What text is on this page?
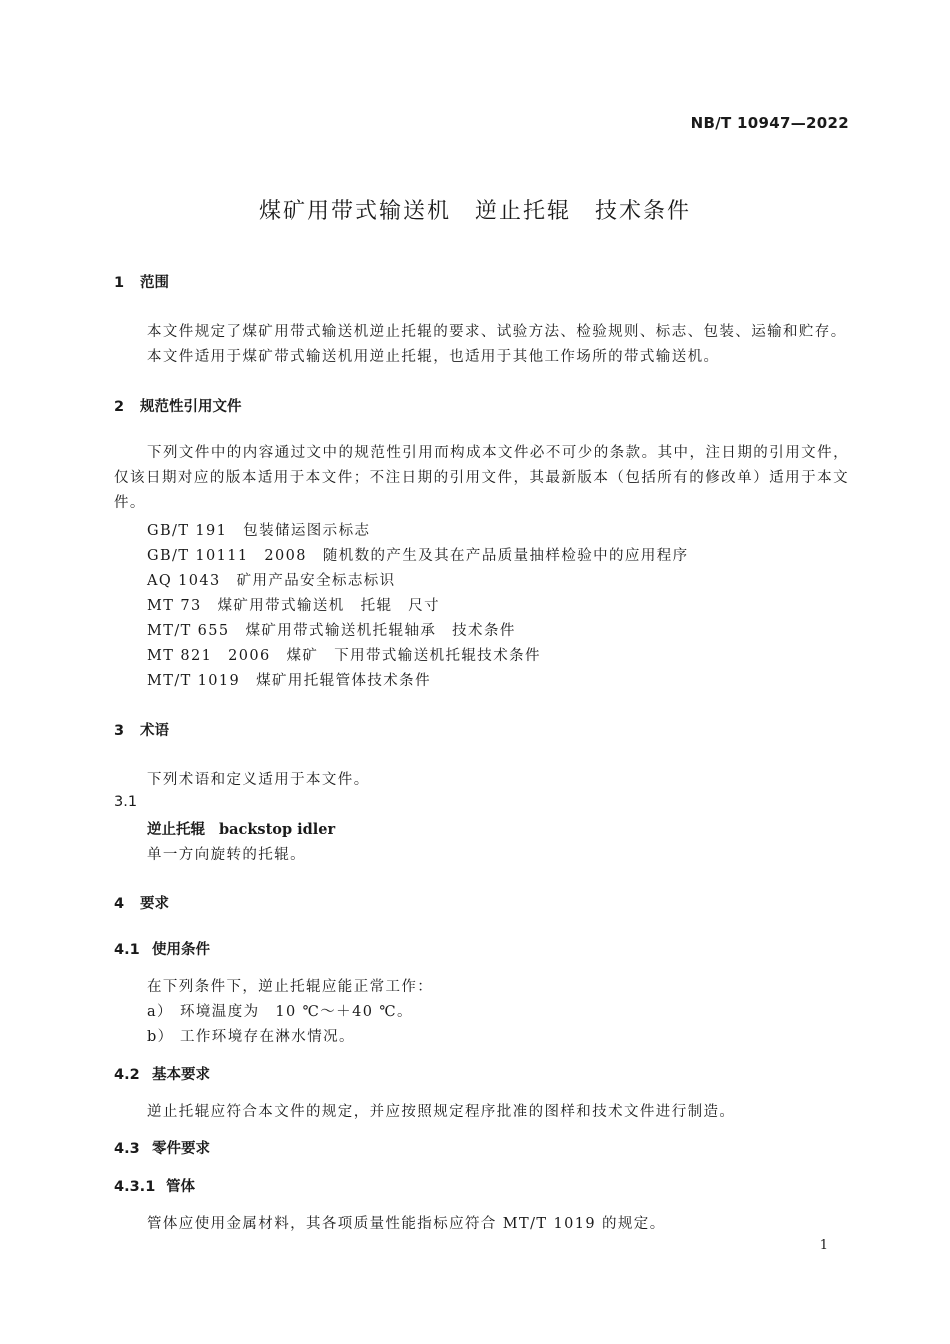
NB/T 10947—2022
煤矿用带式输送机　逆止托辊　技术条件
1 范围
本文件规定了煤矿用带式输送机逆止托辊的要求、试验方法、检验规则、标志、包装、运输和贮存。
本文件适用于煤矿带式输送机用逆止托辊，也适用于其他工作场所的带式输送机。
2 规范性引用文件
下列文件中的内容通过文中的规范性引用而构成本文件必不可少的条款。其中，注日期的引用文件，仅该日期对应的版本适用于本文件；不注日期的引用文件，其最新版本（包括所有的修改单）适用于本文件。
GB/T 191　包装储运图示标志
GB/T 10111　2008　随机数的产生及其在产品质量抽样检验中的应用程序
AQ 1043　矿用产品安全标志标识
MT 73　煤矿用带式输送机　托辊　尺寸
MT/T 655　煤矿用带式输送机托辊轴承　技术条件
MT 821　2006　煤矿　下用带式输送机托辊技术条件
MT/T 1019　煤矿用托辊管体技术条件
3 术语
下列术语和定义适用于本文件。
3.1
逆止托辊 backstop idler
单一方向旋转的托辊。
4 要求
4.1 使用条件
在下列条件下，逆止托辊应能正常工作：
a） 环境温度为　10 ℃～＋40 ℃。
b） 工作环境存在淋水情况。
4.2 基本要求
逆止托辊应符合本文件的规定，并应按照规定程序批准的图样和技术文件进行制造。
4.3 零件要求
4.3.1 管体
管体应使用金属材料，其各项质量性能指标应符合 MT/T 1019 的规定。
1
